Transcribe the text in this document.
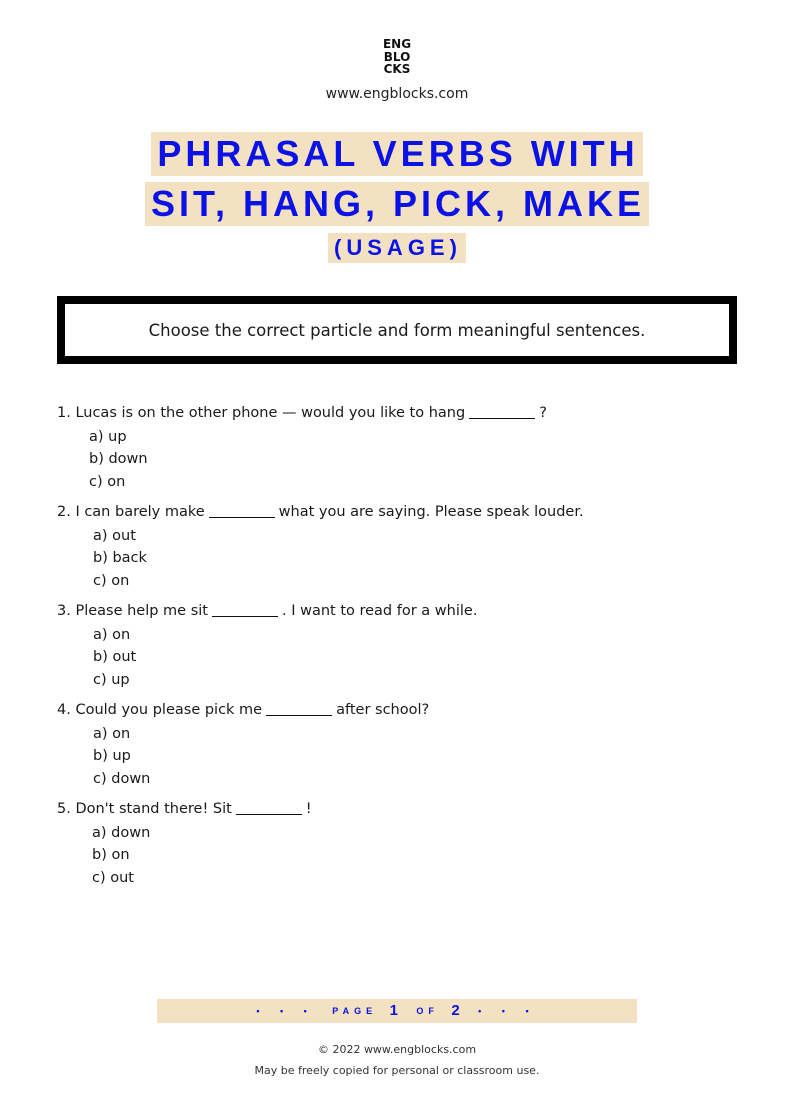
ENG
BLO
CKS
www.engblocks.com
PHRASAL VERBS WITH
SIT, HANG, PICK, MAKE
(USAGE)
Choose the correct particle and form meaningful sentences.
1. Lucas is on the other phone — would you like to hang	?
a) up
b) down
c) on
2. I can barely make	what you are saying. Please speak louder.
a) out
b) back
c) on
3. Please help me sit	. I want to read for a while.
a) on
b) out
c) up
4. Could you please pick me	after school?
a) on
b) up
c) down
5. Don't stand there! Sit	!
a) down
b) on
c) out
• • • PAGE 1 OF 2 • • •
© 2022 www.engblocks.com
May be freely copied for personal or classroom use.
